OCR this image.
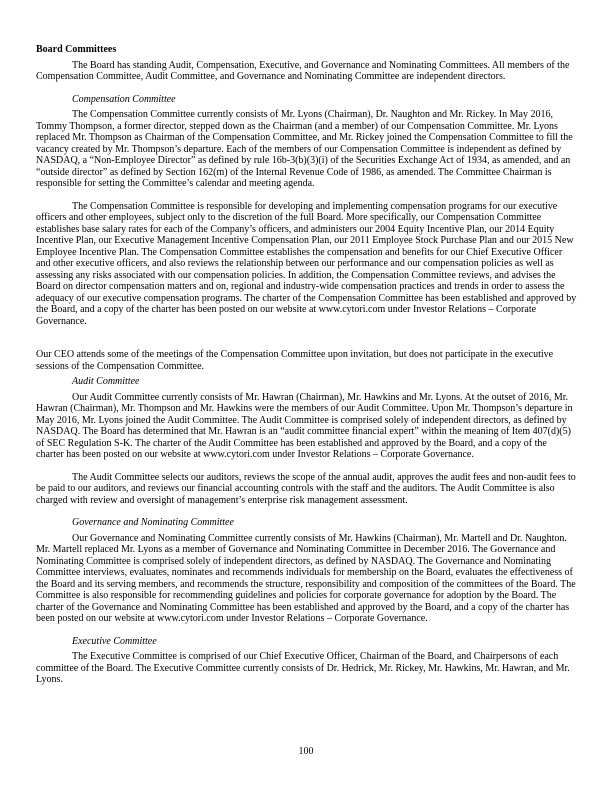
Board Committees
The Board has standing Audit, Compensation, Executive, and Governance and Nominating Committees. All members of the Compensation Committee, Audit Committee, and Governance and Nominating Committee are independent directors.
Compensation Committee
The Compensation Committee currently consists of Mr. Lyons (Chairman), Dr. Naughton and Mr. Rickey. In May 2016, Tommy Thompson, a former director, stepped down as the Chairman (and a member) of our Compensation Committee. Mr. Lyons replaced Mr. Thompson as Chairman of the Compensation Committee, and Mr. Rickey joined the Compensation Committee to fill the vacancy created by Mr. Thompson’s departure. Each of the members of our Compensation Committee is independent as defined by NASDAQ, a “Non-Employee Director” as defined by rule 16b-3(b)(3)(i) of the Securities Exchange Act of 1934, as amended, and an “outside director” as defined by Section 162(m) of the Internal Revenue Code of 1986, as amended. The Committee Chairman is responsible for setting the Committee’s calendar and meeting agenda.
The Compensation Committee is responsible for developing and implementing compensation programs for our executive officers and other employees, subject only to the discretion of the full Board. More specifically, our Compensation Committee establishes base salary rates for each of the Company’s officers, and administers our 2004 Equity Incentive Plan, our 2014 Equity Incentive Plan, our Executive Management Incentive Compensation Plan, our 2011 Employee Stock Purchase Plan and our 2015 New Employee Incentive Plan. The Compensation Committee establishes the compensation and benefits for our Chief Executive Officer and other executive officers, and also reviews the relationship between our performance and our compensation policies as well as assessing any risks associated with our compensation policies. In addition, the Compensation Committee reviews, and advises the Board on director compensation matters and on, regional and industry-wide compensation practices and trends in order to assess the adequacy of our executive compensation programs. The charter of the Compensation Committee has been established and approved by the Board, and a copy of the charter has been posted on our website at www.cytori.com under Investor Relations – Corporate Governance.
Our CEO attends some of the meetings of the Compensation Committee upon invitation, but does not participate in the executive sessions of the Compensation Committee.
Audit Committee
Our Audit Committee currently consists of Mr. Hawran (Chairman), Mr. Hawkins and Mr. Lyons. At the outset of 2016, Mr. Hawran (Chairman), Mr. Thompson and Mr. Hawkins were the members of our Audit Committee. Upon Mr. Thompson’s departure in May 2016, Mr. Lyons joined the Audit Committee. The Audit Committee is comprised solely of independent directors, as defined by NASDAQ. The Board has determined that Mr. Hawran is an “audit committee financial expert” within the meaning of Item 407(d)(5) of SEC Regulation S-K. The charter of the Audit Committee has been established and approved by the Board, and a copy of the charter has been posted on our website at www.cytori.com under Investor Relations – Corporate Governance.
The Audit Committee selects our auditors, reviews the scope of the annual audit, approves the audit fees and non-audit fees to be paid to our auditors, and reviews our financial accounting controls with the staff and the auditors. The Audit Committee is also charged with review and oversight of management’s enterprise risk management assessment.
Governance and Nominating Committee
Our Governance and Nominating Committee currently consists of Mr. Hawkins (Chairman), Mr. Martell and Dr. Naughton. Mr. Martell replaced Mr. Lyons as a member of Governance and Nominating Committee in December 2016. The Governance and Nominating Committee is comprised solely of independent directors, as defined by NASDAQ. The Governance and Nominating Committee interviews, evaluates, nominates and recommends individuals for membership on the Board, evaluates the effectiveness of the Board and its serving members, and recommends the structure, responsibility and composition of the committees of the Board. The Committee is also responsible for recommending guidelines and policies for corporate governance for adoption by the Board. The charter of the Governance and Nominating Committee has been established and approved by the Board, and a copy of the charter has been posted on our website at www.cytori.com under Investor Relations – Corporate Governance.
Executive Committee
The Executive Committee is comprised of our Chief Executive Officer, Chairman of the Board, and Chairpersons of each committee of the Board. The Executive Committee currently consists of Dr. Hedrick, Mr. Rickey, Mr. Hawkins, Mr. Hawran, and Mr. Lyons.
100
